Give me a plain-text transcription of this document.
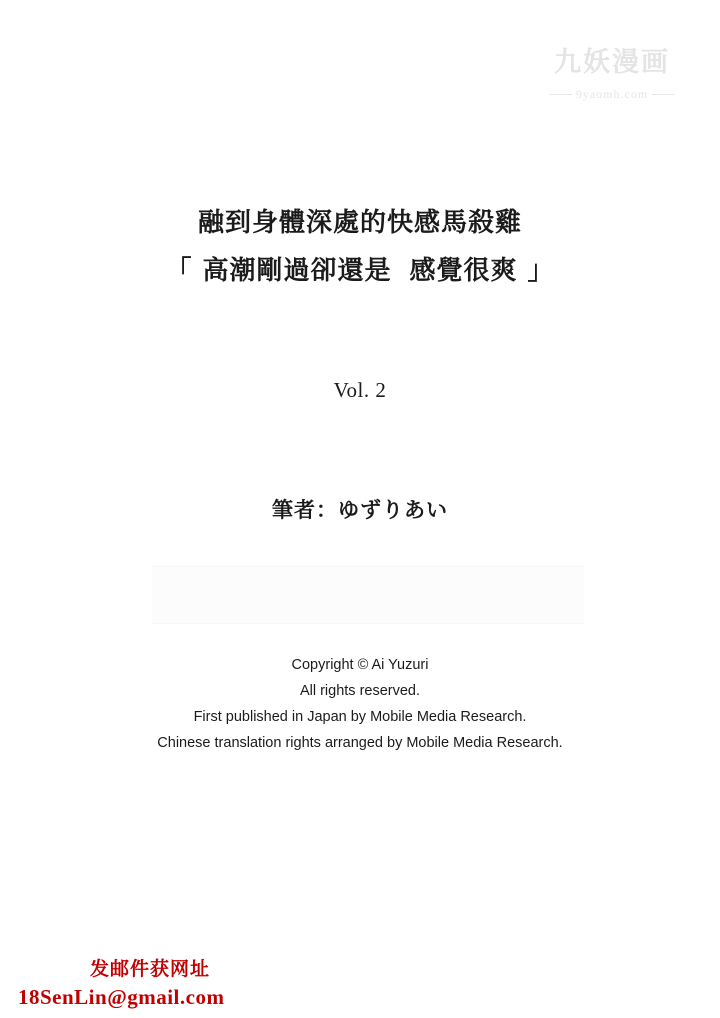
九妖漫画
9yaomh.com
融到身體深處的快感馬殺雞
「 高潮剛過卻還是 感覺很爽 」
Vol. 2
筆者：ゆずりあい
Copyright © Ai Yuzuri
All rights reserved.
First published in Japan by Mobile Media Research.
Chinese translation rights arranged by Mobile Media Research.
发邮件获网址
18SenLin@gmail.com
